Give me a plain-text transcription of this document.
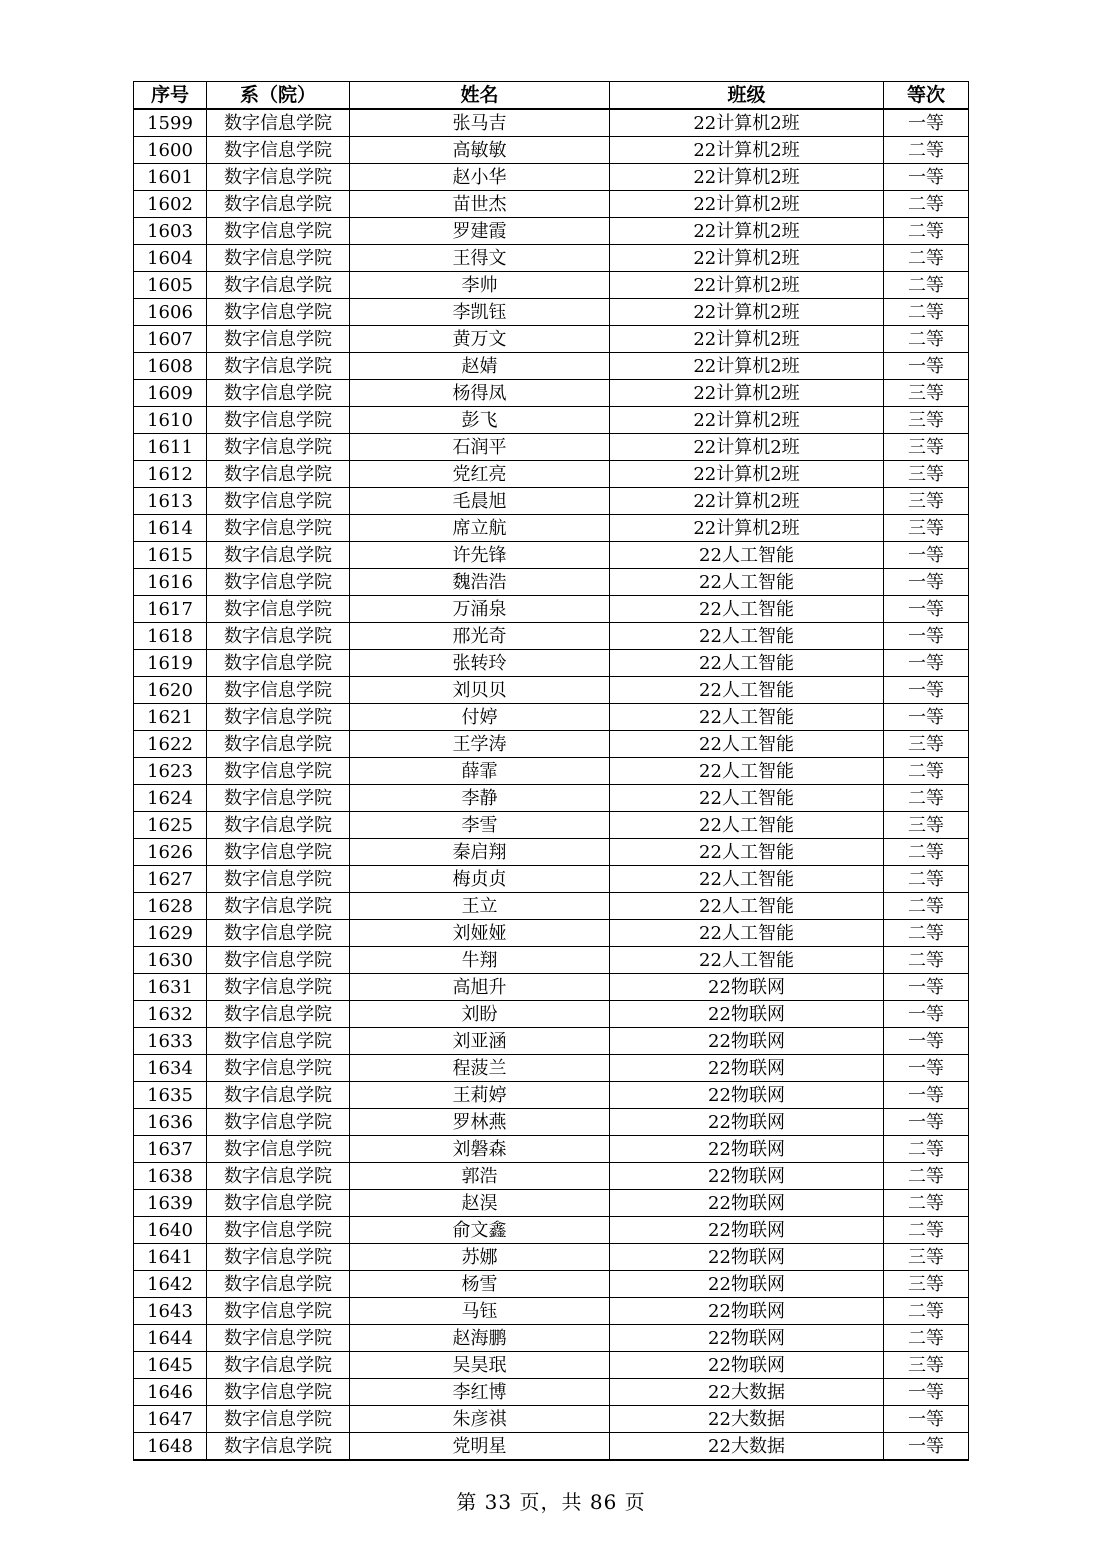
序号	系（院）	姓名	班级	等次
1599	数字信息学院	张马吉	22计算机2班	一等
1600	数字信息学院	高敏敏	22计算机2班	二等
1601	数字信息学院	赵小华	22计算机2班	一等
1602	数字信息学院	苗世杰	22计算机2班	二等
1603	数字信息学院	罗建霞	22计算机2班	二等
1604	数字信息学院	王得文	22计算机2班	二等
1605	数字信息学院	李帅	22计算机2班	二等
1606	数字信息学院	李凯钰	22计算机2班	二等
1607	数字信息学院	黄万文	22计算机2班	二等
1608	数字信息学院	赵婧	22计算机2班	一等
1609	数字信息学院	杨得凤	22计算机2班	三等
1610	数字信息学院	彭飞	22计算机2班	三等
1611	数字信息学院	石润平	22计算机2班	三等
1612	数字信息学院	党红亮	22计算机2班	三等
1613	数字信息学院	毛晨旭	22计算机2班	三等
1614	数字信息学院	席立航	22计算机2班	三等
1615	数字信息学院	许先锋	22人工智能	一等
1616	数字信息学院	魏浩浩	22人工智能	一等
1617	数字信息学院	万涌泉	22人工智能	一等
1618	数字信息学院	邢光奇	22人工智能	一等
1619	数字信息学院	张转玲	22人工智能	一等
1620	数字信息学院	刘贝贝	22人工智能	一等
1621	数字信息学院	付婷	22人工智能	一等
1622	数字信息学院	王学涛	22人工智能	三等
1623	数字信息学院	薛霏	22人工智能	二等
1624	数字信息学院	李静	22人工智能	二等
1625	数字信息学院	李雪	22人工智能	三等
1626	数字信息学院	秦启翔	22人工智能	二等
1627	数字信息学院	梅贞贞	22人工智能	二等
1628	数字信息学院	王立	22人工智能	二等
1629	数字信息学院	刘娅娅	22人工智能	二等
1630	数字信息学院	牛翔	22人工智能	二等
1631	数字信息学院	高旭升	22物联网	一等
1632	数字信息学院	刘盼	22物联网	一等
1633	数字信息学院	刘亚涵	22物联网	一等
1634	数字信息学院	程菠兰	22物联网	一等
1635	数字信息学院	王莉婷	22物联网	一等
1636	数字信息学院	罗林燕	22物联网	一等
1637	数字信息学院	刘磐森	22物联网	二等
1638	数字信息学院	郭浩	22物联网	二等
1639	数字信息学院	赵淏	22物联网	二等
1640	数字信息学院	俞文鑫	22物联网	二等
1641	数字信息学院	苏娜	22物联网	三等
1642	数字信息学院	杨雪	22物联网	三等
1643	数字信息学院	马钰	22物联网	二等
1644	数字信息学院	赵海鹏	22物联网	二等
1645	数字信息学院	吴昊珉	22物联网	三等
1646	数字信息学院	李红博	22大数据	一等
1647	数字信息学院	朱彦祺	22大数据	一等
1648	数字信息学院	党明星	22大数据	一等
第 33 页，共 86 页
